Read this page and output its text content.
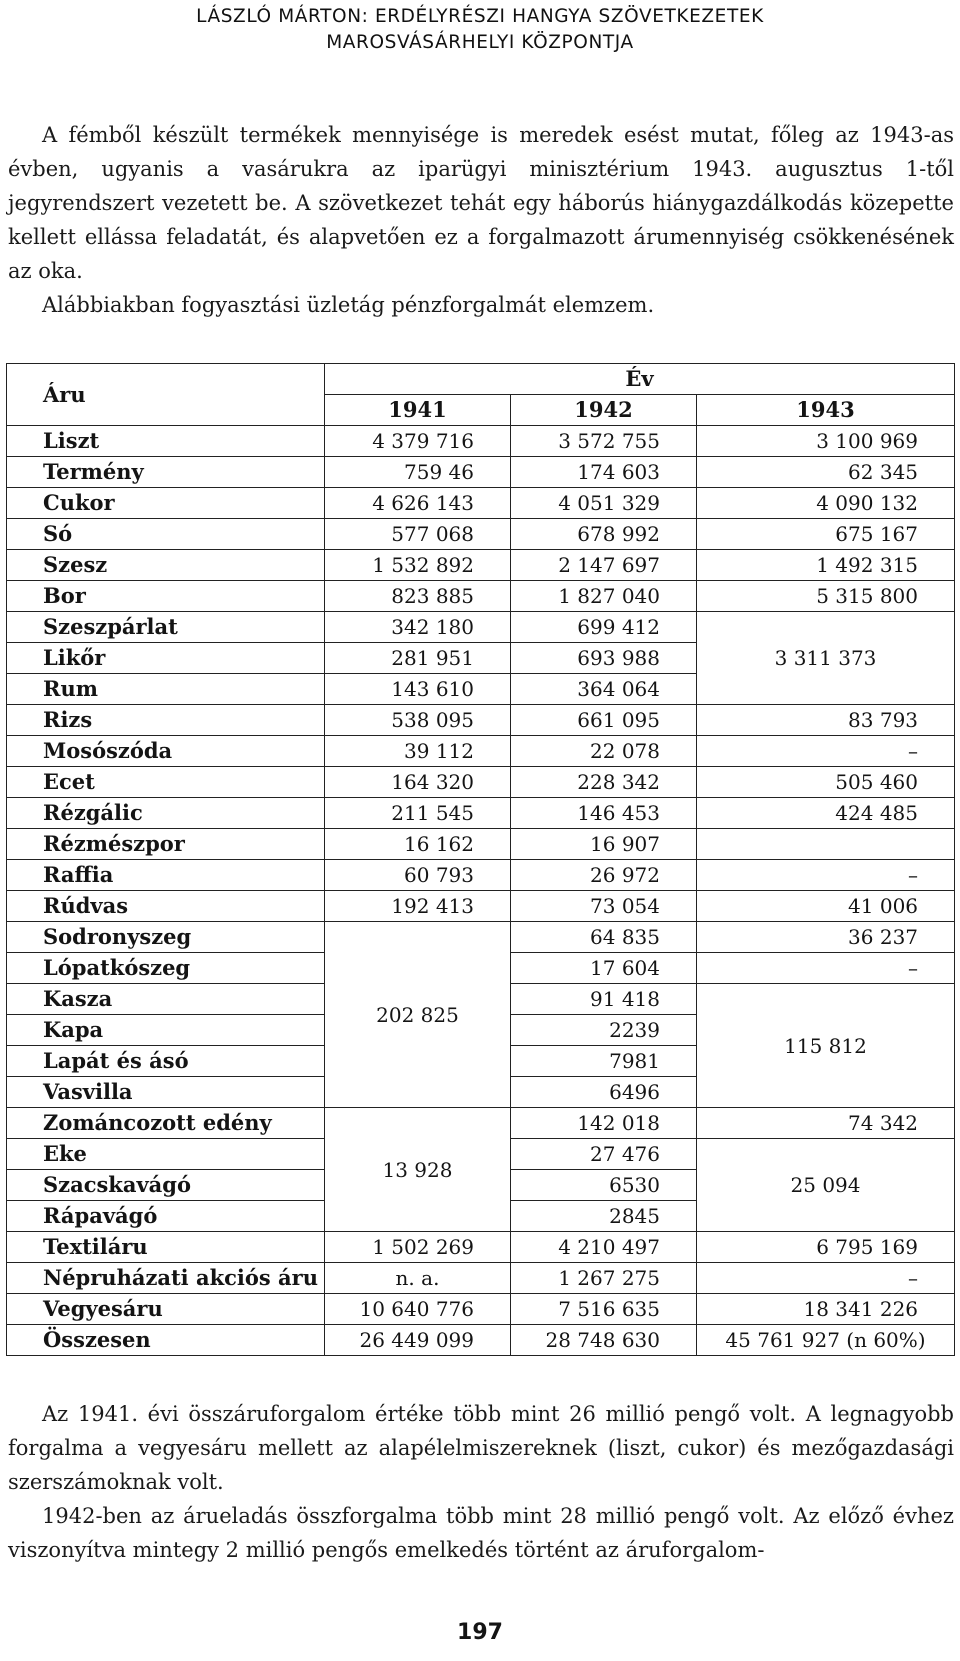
LÁSZLÓ MÁRTON: ERDÉLYRÉSZI HANGYA SZÖVETKEZETEK
MAROSVÁSÁRHELYI KÖZPONTJA

A fémből készült termékek mennyisége is meredek esést mutat, főleg az 1943-as évben, ugyanis a vasárukra az iparügyi minisztérium 1943. augusztus 1-től jegyrendszert vezetett be. A szövetkezet tehát egy háborús hiánygazdálkodás közepette kellett ellássa feladatát, és alapvetően ez a forgalmazott árumennyiség csökkenésének az oka.

Alábbiakban fogyasztási üzletág pénzforgalmát elemzem.

Áru	Év		
	1941	1942	1943
Liszt	4 379 716	3 572 755	3 100 969
Termény	759 46	174 603	62 345
Cukor	4 626 143	4 051 329	4 090 132
Só	577 068	678 992	675 167
Szesz	1 532 892	2 147 697	1 492 315
Bor	823 885	1 827 040	5 315 800
Szeszpárlat	342 180	699 412	3 311 373
Likőr	281 951	693 988	
Rum	143 610	364 064	
Rizs	538 095	661 095	83 793
Mosószóda	39 112	22 078	–
Ecet	164 320	228 342	505 460
Rézgálic	211 545	146 453	424 485
Rézmészpor	16 162	16 907	
Raffia	60 793	26 972	–
Rúdvas	192 413	73 054	41 006
Sodronyszeg	202 825	64 835	36 237
Lópatkószeg		17 604	–
Kasza		91 418	115 812
Kapa		2239	
Lapát és ásó		7981	
Vasvilla		6496	
Zománcozott edény	13 928	142 018	74 342
Eke		27 476	25 094
Szacskavágó		6530	
Rápavágó		2845	
Textiláru	1 502 269	4 210 497	6 795 169
Népruházati akciós áru	n. a.	1 267 275	–
Vegyesáru	10 640 776	7 516 635	18 341 226
Összesen	26 449 099	28 748 630	45 761 927 (n 60%)

Az 1941. évi összáruforgalom értéke több mint 26 millió pengő volt. A legnagyobb forgalma a vegyesáru mellett az alapélelmiszereknek (liszt, cukor) és mezőgazdasági szerszámoknak volt.

1942-ben az árueladás összforgalma több mint 28 millió pengő volt. Az előző évhez viszonyítva mintegy 2 millió pengős emelkedés történt az áruforgalom-

197
